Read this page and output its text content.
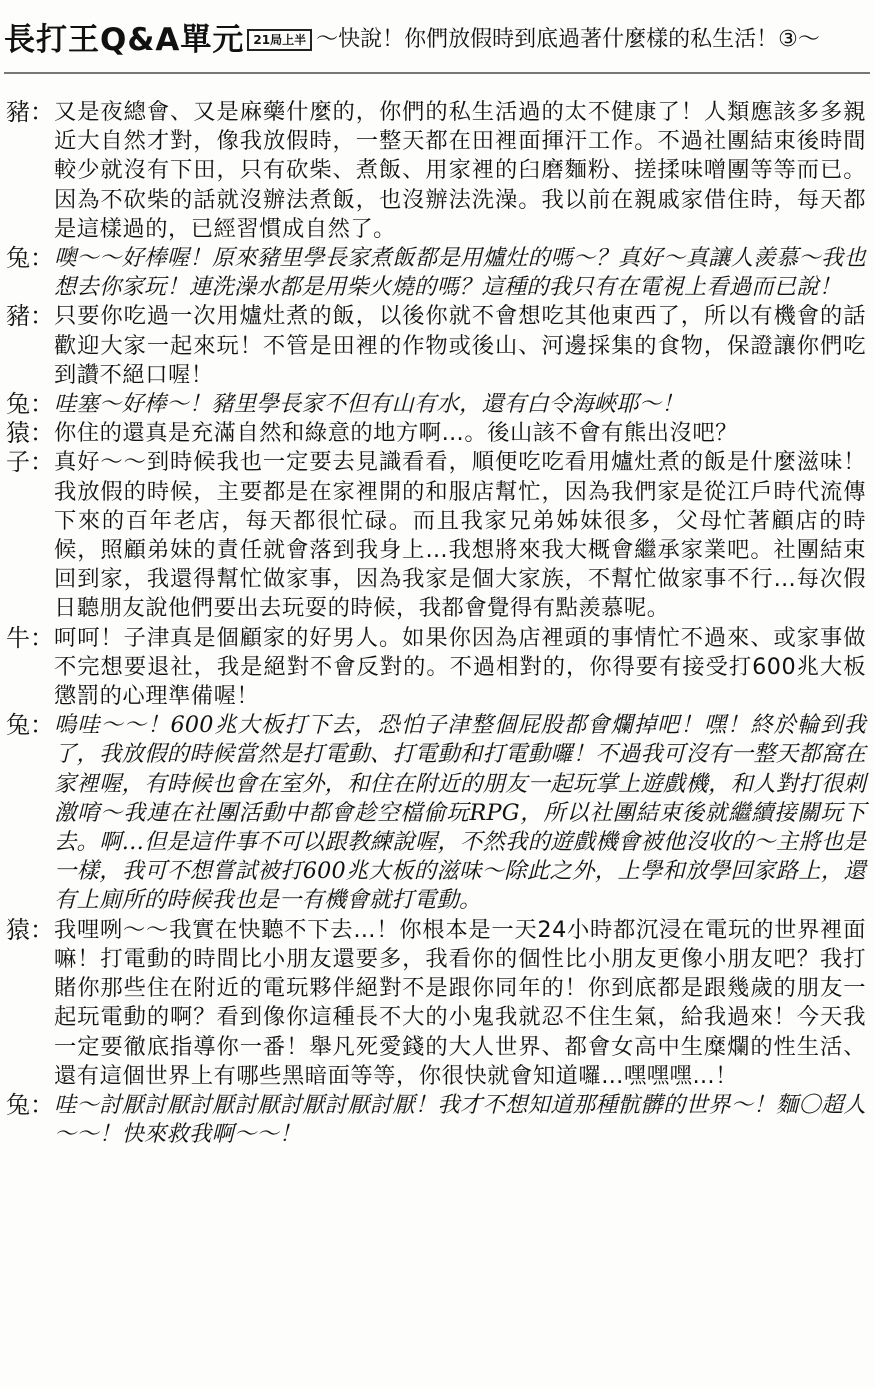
長打王Q&A單元 21局上半 ～快說！你們放假時到底過著什麼樣的私生活！③～
豬： 又是夜總會、又是麻藥什麼的，你們的私生活過的太不健康了！人類應該多多親近大自然才對，像我放假時，一整天都在田裡面揮汗工作。不過社團結束後時間較少就沒有下田，只有砍柴、煮飯、用家裡的臼磨麵粉、搓揉味噌團等等而已。因為不砍柴的話就沒辦法煮飯，也沒辦法洗澡。我以前在親戚家借住時，每天都是這樣過的，已經習慣成自然了。
兔： 噢～～好棒喔！原來豬里學長家煮飯都是用爐灶的嗎～？真好～真讓人羨慕～我也想去你家玩！連洗澡水都是用柴火燒的嗎？這種的我只有在電視上看過而已說！
豬： 只要你吃過一次用爐灶煮的飯，以後你就不會想吃其他東西了，所以有機會的話歡迎大家一起來玩！不管是田裡的作物或後山、河邊採集的食物，保證讓你們吃到讚不絕口喔！
兔： 哇塞～好棒～！豬里學長家不但有山有水，還有白令海峽耶～！
猿： 你住的還真是充滿自然和綠意的地方啊…。後山該不會有熊出沒吧？
子： 真好～～到時候我也一定要去見識看看，順便吃吃看用爐灶煮的飯是什麼滋味！我放假的時候，主要都是在家裡開的和服店幫忙，因為我們家是從江戶時代流傳下來的百年老店，每天都很忙碌。而且我家兄弟姊妹很多，父母忙著顧店的時候，照顧弟妹的責任就會落到我身上…我想將來我大概會繼承家業吧。社團結束回到家，我還得幫忙做家事，因為我家是個大家族，不幫忙做家事不行…每次假日聽朋友說他們要出去玩耍的時候，我都會覺得有點羨慕呢。
牛： 呵呵！子津真是個顧家的好男人。如果你因為店裡頭的事情忙不過來、或家事做不完想要退社，我是絕對不會反對的。不過相對的，你得要有接受打600兆大板懲罰的心理準備喔！
兔： 嗚哇～～！600兆大板打下去，恐怕子津整個屁股都會爛掉吧！嘿！終於輪到我了，我放假的時候當然是打電動、打電動和打電動囉！不過我可沒有一整天都窩在家裡喔，有時候也會在室外，和住在附近的朋友一起玩掌上遊戲機，和人對打很刺激唷～我連在社團活動中都會趁空檔偷玩RPG，所以社團結束後就繼續接關玩下去。啊…但是這件事不可以跟教練說喔，不然我的遊戲機會被他沒收的～主將也是一樣，我可不想嘗試被打600兆大板的滋味～除此之外，上學和放學回家路上，還有上廁所的時候我也是一有機會就打電動。
猿： 我哩咧～～我實在快聽不下去…！你根本是一天24小時都沉浸在電玩的世界裡面嘛！打電動的時間比小朋友還要多，我看你的個性比小朋友更像小朋友吧？我打賭你那些住在附近的電玩夥伴絕對不是跟你同年的！你到底都是跟幾歲的朋友一起玩電動的啊？看到像你這種長不大的小鬼我就忍不住生氣，給我過來！今天我一定要徹底指導你一番！舉凡死愛錢的大人世界、都會女高中生糜爛的性生活、還有這個世界上有哪些黑暗面等等，你很快就會知道囉…嘿嘿嘿…！
兔： 哇～討厭討厭討厭討厭討厭討厭討厭！我才不想知道那種骯髒的世界～！麵〇超人～～！快來救我啊～～！
